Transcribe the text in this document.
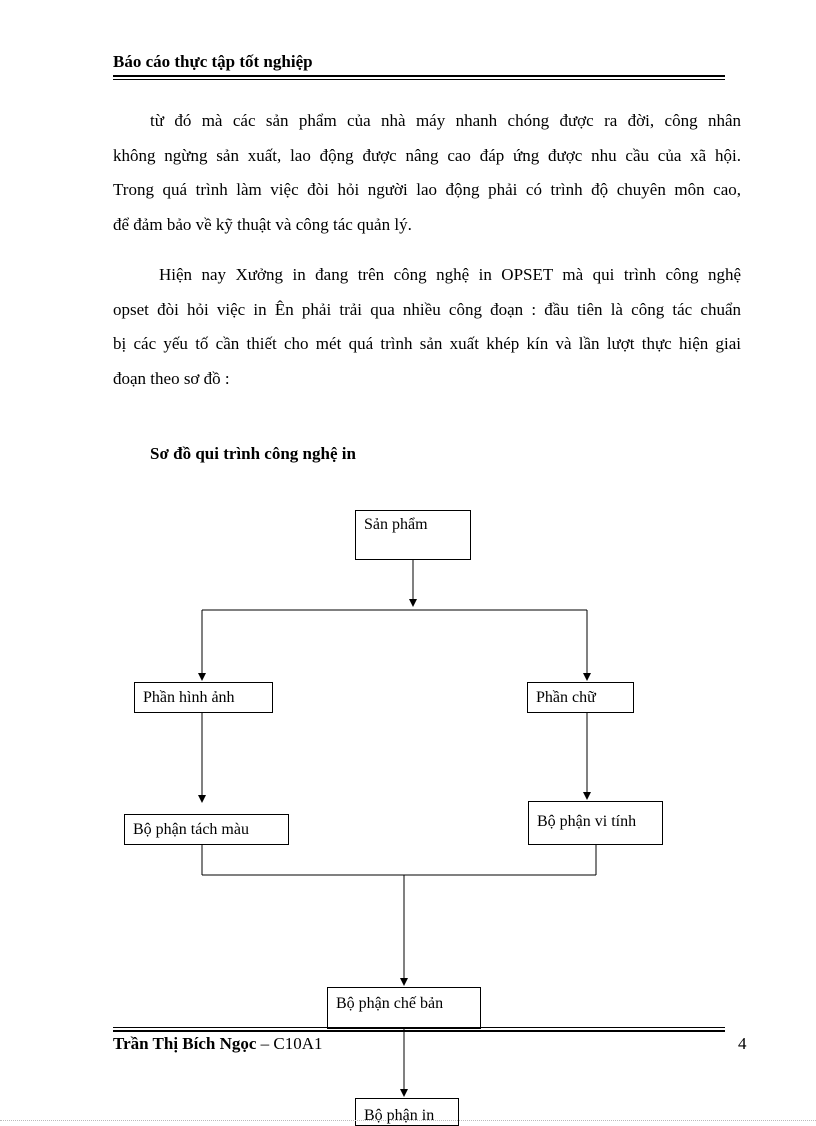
Báo cáo thực tập tốt nghiệp
từ đó mà các sản phẩm của nhà máy nhanh chóng được ra đời, công nhân
không ngừng sản xuất, lao động được nâng cao đáp ứng được nhu cầu của xã hội.
Trong quá trình làm việc đòi hỏi người lao động phải có trình độ chuyên môn cao,
để đảm bảo về kỹ thuật và công tác quản lý.
Hiện nay Xưởng in đang trên công nghệ in OPSET mà qui trình công nghệ
opset đòi hỏi việc in Ên phải trải qua nhiều công đoạn : đầu tiên là công tác chuẩn
bị các yếu tố cần thiết cho mét quá trình sản xuất khép kín và lần lượt thực hiện giai
đoạn theo sơ đồ :
Sơ đồ qui trình công nghệ in
Sản phẩm
Phần hình ảnh	Phần chữ
Bộ phận tách màu	Bộ phận vi tính
Bộ phận chế bản
Trần Thị Bích Ngọc – C10A1	4
Bộ phận in
